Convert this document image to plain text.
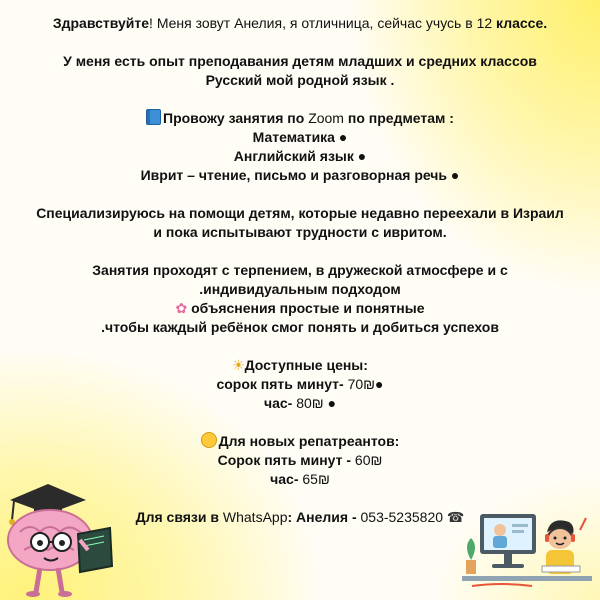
Здравствуйте! Меня зовут Анелия, я отличница, сейчас учусь в 12 классе.
У меня есть опыт преподавания детям младших и средних классов
Русский мой родной язык .
Провожу занятия по Zoom по предметам :
Математика ●
Английский язык ●
Иврит – чтение, письмо и разговорная речь ●
Специализируюсь на помощи детям, которые недавно переехали в Израил
и пока испытывают трудности с ивритом.
Занятия проходят с терпением, в дружеской атмосфере и с
.индивидуальным подходом
✿ объяснения простые и понятные
.чтобы каждый ребёнок смог понять и добиться успехов
☀Доступные цены:
сорок пять минут- 70₪●
час- 80₪ ●
Для новых репатреантов:
Сорок пять минут - 60₪
час- 65₪
Для связи в WhatsApp: Анелия - 053-5235820 ☎
